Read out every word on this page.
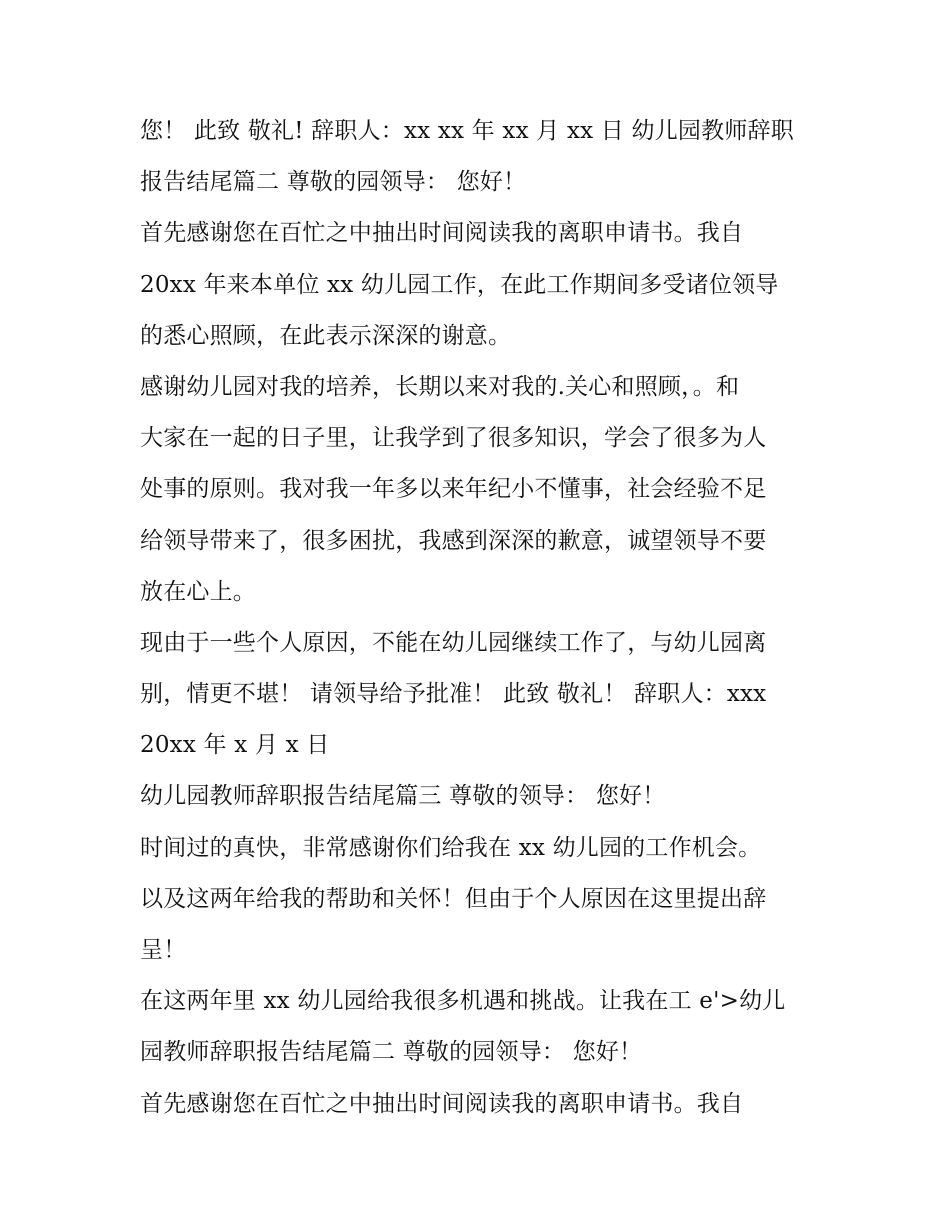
您！ 此致 敬礼! 辞职人：xx xx 年 xx 月 xx 日 幼儿园教师辞职
报告结尾篇二 尊敬的园领导： 您好！
首先感谢您在百忙之中抽出时间阅读我的离职申请书。我自
20xx 年来本单位 xx 幼儿园工作，在此工作期间多受诸位领导
的悉心照顾，在此表示深深的谢意。
感谢幼儿园对我的培养，长期以来对我的.关心和照顾，。和
大家在一起的日子里，让我学到了很多知识，学会了很多为人
处事的原则。我对我一年多以来年纪小不懂事，社会经验不足
给领导带来了，很多困扰，我感到深深的歉意，诚望领导不要
放在心上。
现由于一些个人原因，不能在幼儿园继续工作了，与幼儿园离
别，情更不堪！ 请领导给予批准！ 此致 敬礼！ 辞职人：xxx
20xx 年 x 月 x 日
幼儿园教师辞职报告结尾篇三 尊敬的领导： 您好！
时间过的真快，非常感谢你们给我在 xx 幼儿园的工作机会。
以及这两年给我的帮助和关怀！但由于个人原因在这里提出辞
呈！
在这两年里 xx 幼儿园给我很多机遇和挑战。让我在工 e'>幼儿
园教师辞职报告结尾篇二 尊敬的园领导： 您好！
首先感谢您在百忙之中抽出时间阅读我的离职申请书。我自
